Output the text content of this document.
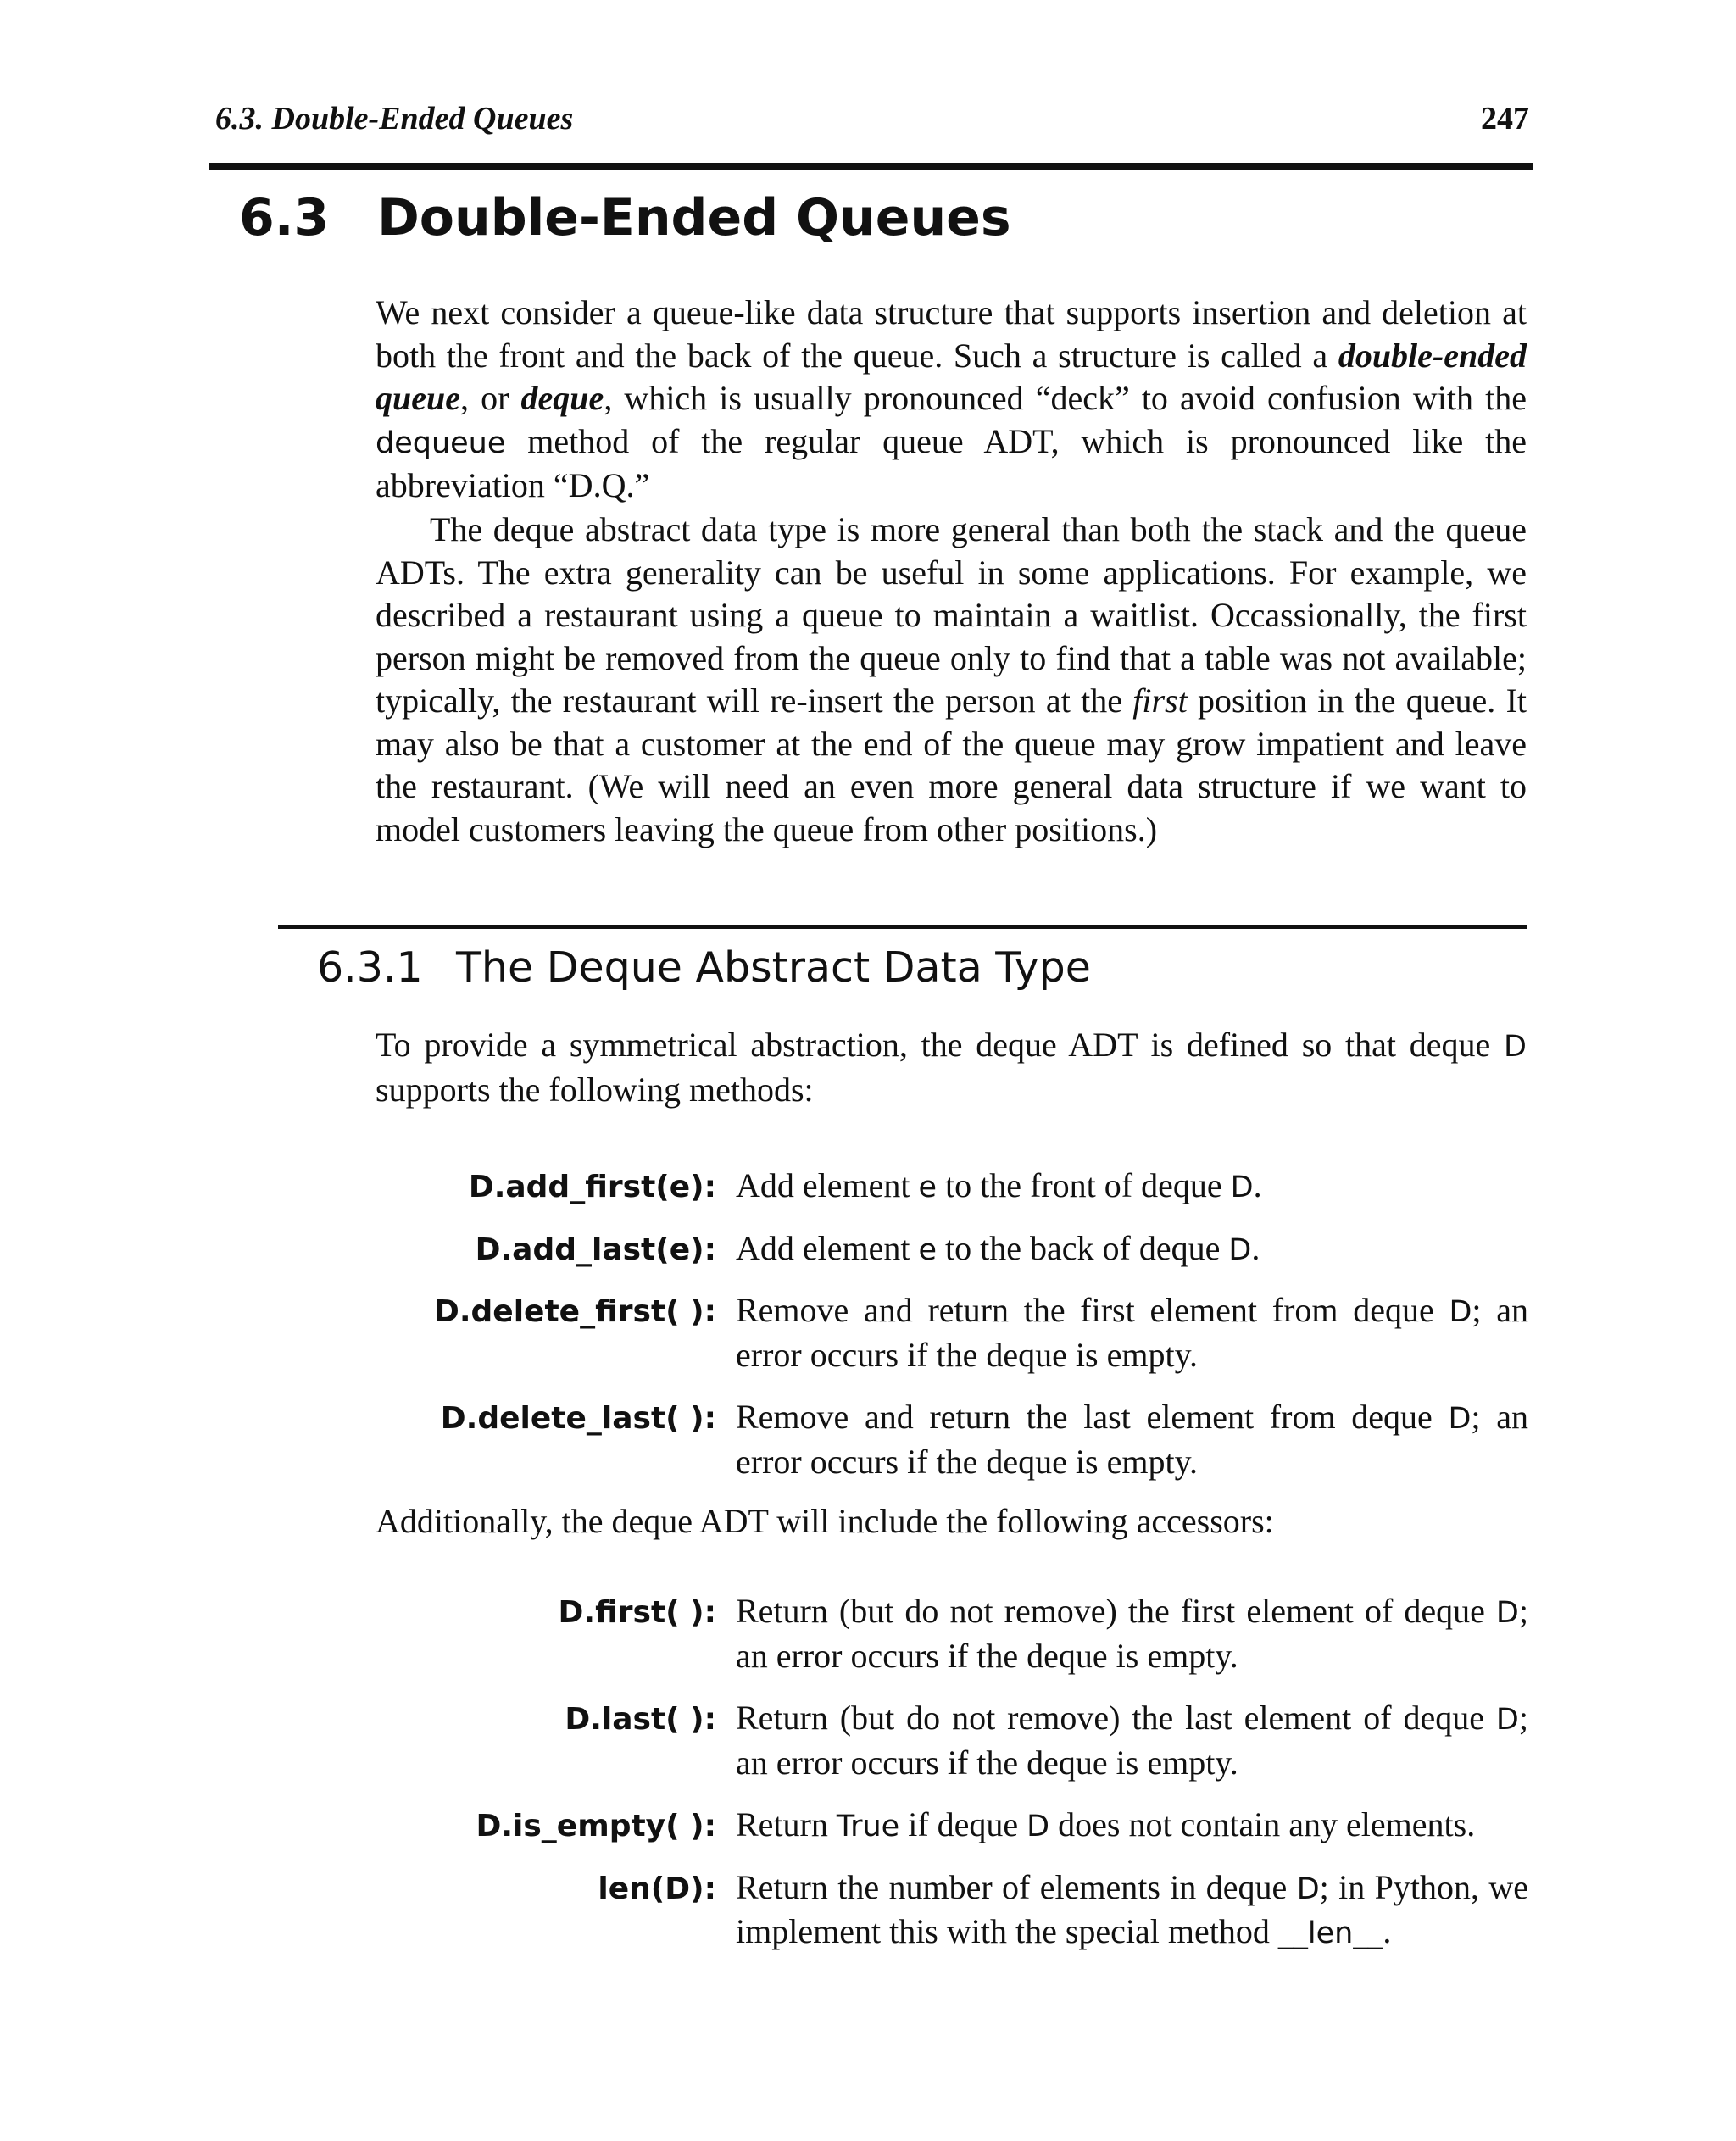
6.3. Double-Ended Queues	247
6.3 Double-Ended Queues

We next consider a queue-like data structure that supports insertion and deletion at both the front and the back of the queue. Such a structure is called a double-ended queue, or deque, which is usually pronounced “deck” to avoid confusion with the dequeue method of the regular queue ADT, which is pronounced like the abbreviation “D.Q.”

The deque abstract data type is more general than both the stack and the queue ADTs. The extra generality can be useful in some applications. For example, we described a restaurant using a queue to maintain a waitlist. Occassionally, the first person might be removed from the queue only to find that a table was not available; typically, the restaurant will re-insert the person at the first position in the queue. It may also be that a customer at the end of the queue may grow impatient and leave the restaurant. (We will need an even more general data structure if we want to model customers leaving the queue from other positions.)

6.3.1 The Deque Abstract Data Type

To provide a symmetrical abstraction, the deque ADT is defined so that deque D supports the following methods:

D.add_first(e): Add element e to the front of deque D.
D.add_last(e): Add element e to the back of deque D.
D.delete_first( ): Remove and return the first element from deque D; an error occurs if the deque is empty.
D.delete_last( ): Remove and return the last element from deque D; an error occurs if the deque is empty.

Additionally, the deque ADT will include the following accessors:

D.first( ): Return (but do not remove) the first element of deque D; an error occurs if the deque is empty.
D.last( ): Return (but do not remove) the last element of deque D; an error occurs if the deque is empty.
D.is_empty( ): Return True if deque D does not contain any elements.
len(D): Return the number of elements in deque D; in Python, we implement this with the special method __len__.
